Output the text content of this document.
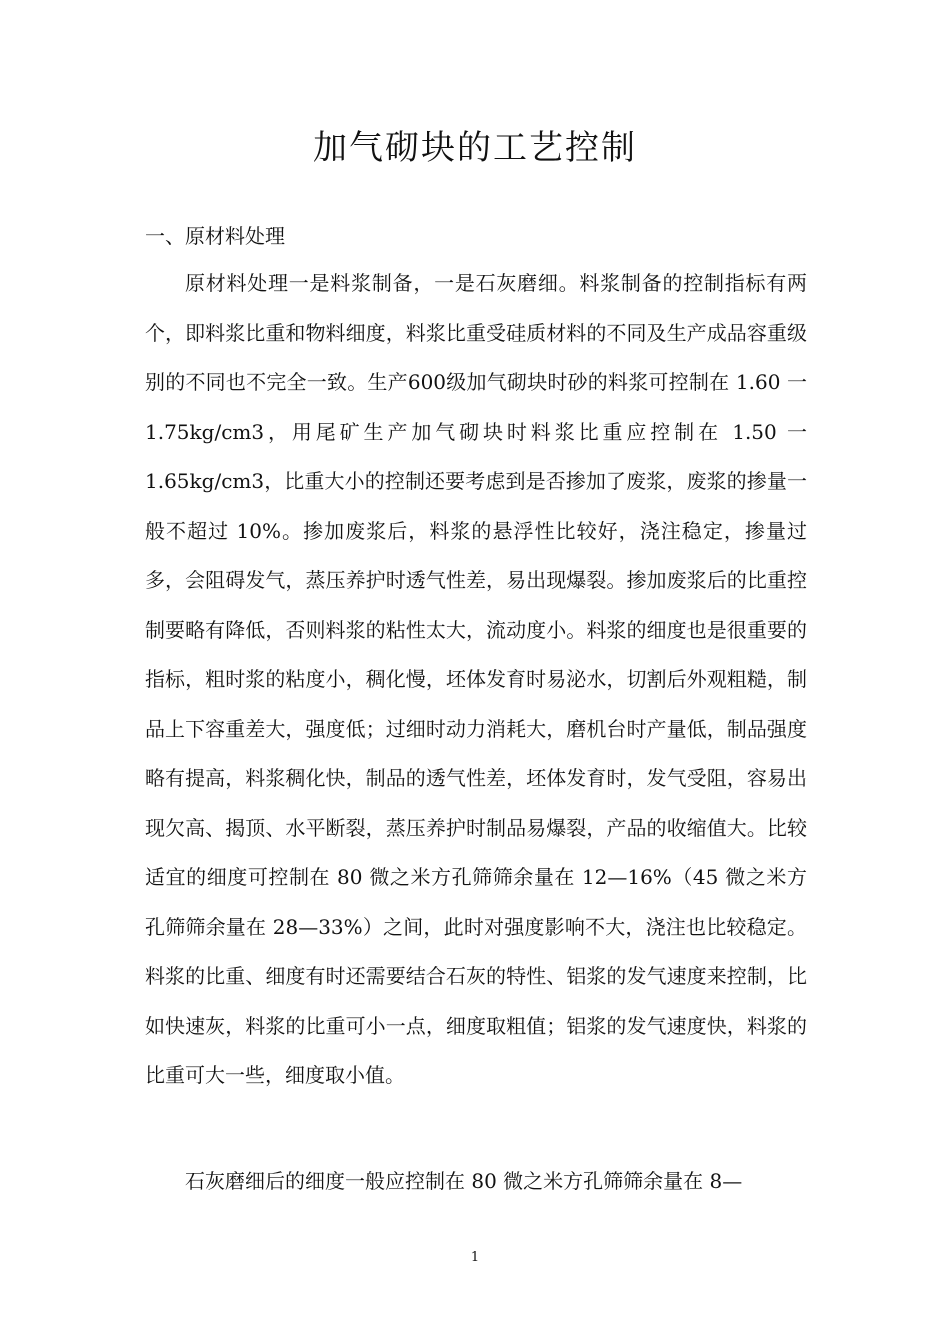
加气砌块的工艺控制
一、原材料处理

原材料处理一是料浆制备，一是石灰磨细。料浆制备的控制指标有两个，即料浆比重和物料细度，料浆比重受硅质材料的不同及生产成品容重级别的不同也不完全一致。生产600级加气砌块时砂的料浆可控制在 1.60 一 1.75kg/cm3，用尾矿生产加气砌块时料浆比重应控制在 1.50 一 1.65kg/cm3，比重大小的控制还要考虑到是否掺加了废浆，废浆的掺量一般不超过 10%。掺加废浆后，料浆的悬浮性比较好，浇注稳定，掺量过多，会阻碍发气，蒸压养护时透气性差，易出现爆裂。掺加废浆后的比重控制要略有降低，否则料浆的粘性太大，流动度小。料浆的细度也是很重要的指标，粗时浆的粘度小，稠化慢，坯体发育时易泌水，切割后外观粗糙，制品上下容重差大，强度低；过细时动力消耗大，磨机台时产量低，制品强度略有提高，料浆稠化快，制品的透气性差，坯体发育时，发气受阻，容易出现欠高、揭顶、水平断裂，蒸压养护时制品易爆裂，产品的收缩值大。比较适宜的细度可控制在 80 微之米方孔筛筛余量在 12—16%（45 微之米方孔筛筛余量在 28—33%）之间，此时对强度影响不大，浇注也比较稳定。料浆的比重、细度有时还需要结合石灰的特性、铝浆的发气速度来控制，比如快速灰，料浆的比重可小一点，细度取粗值；铝浆的发气速度快，料浆的比重可大一些，细度取小值。

石灰磨细后的细度一般应控制在 80 微之米方孔筛筛余量在 8—

1
